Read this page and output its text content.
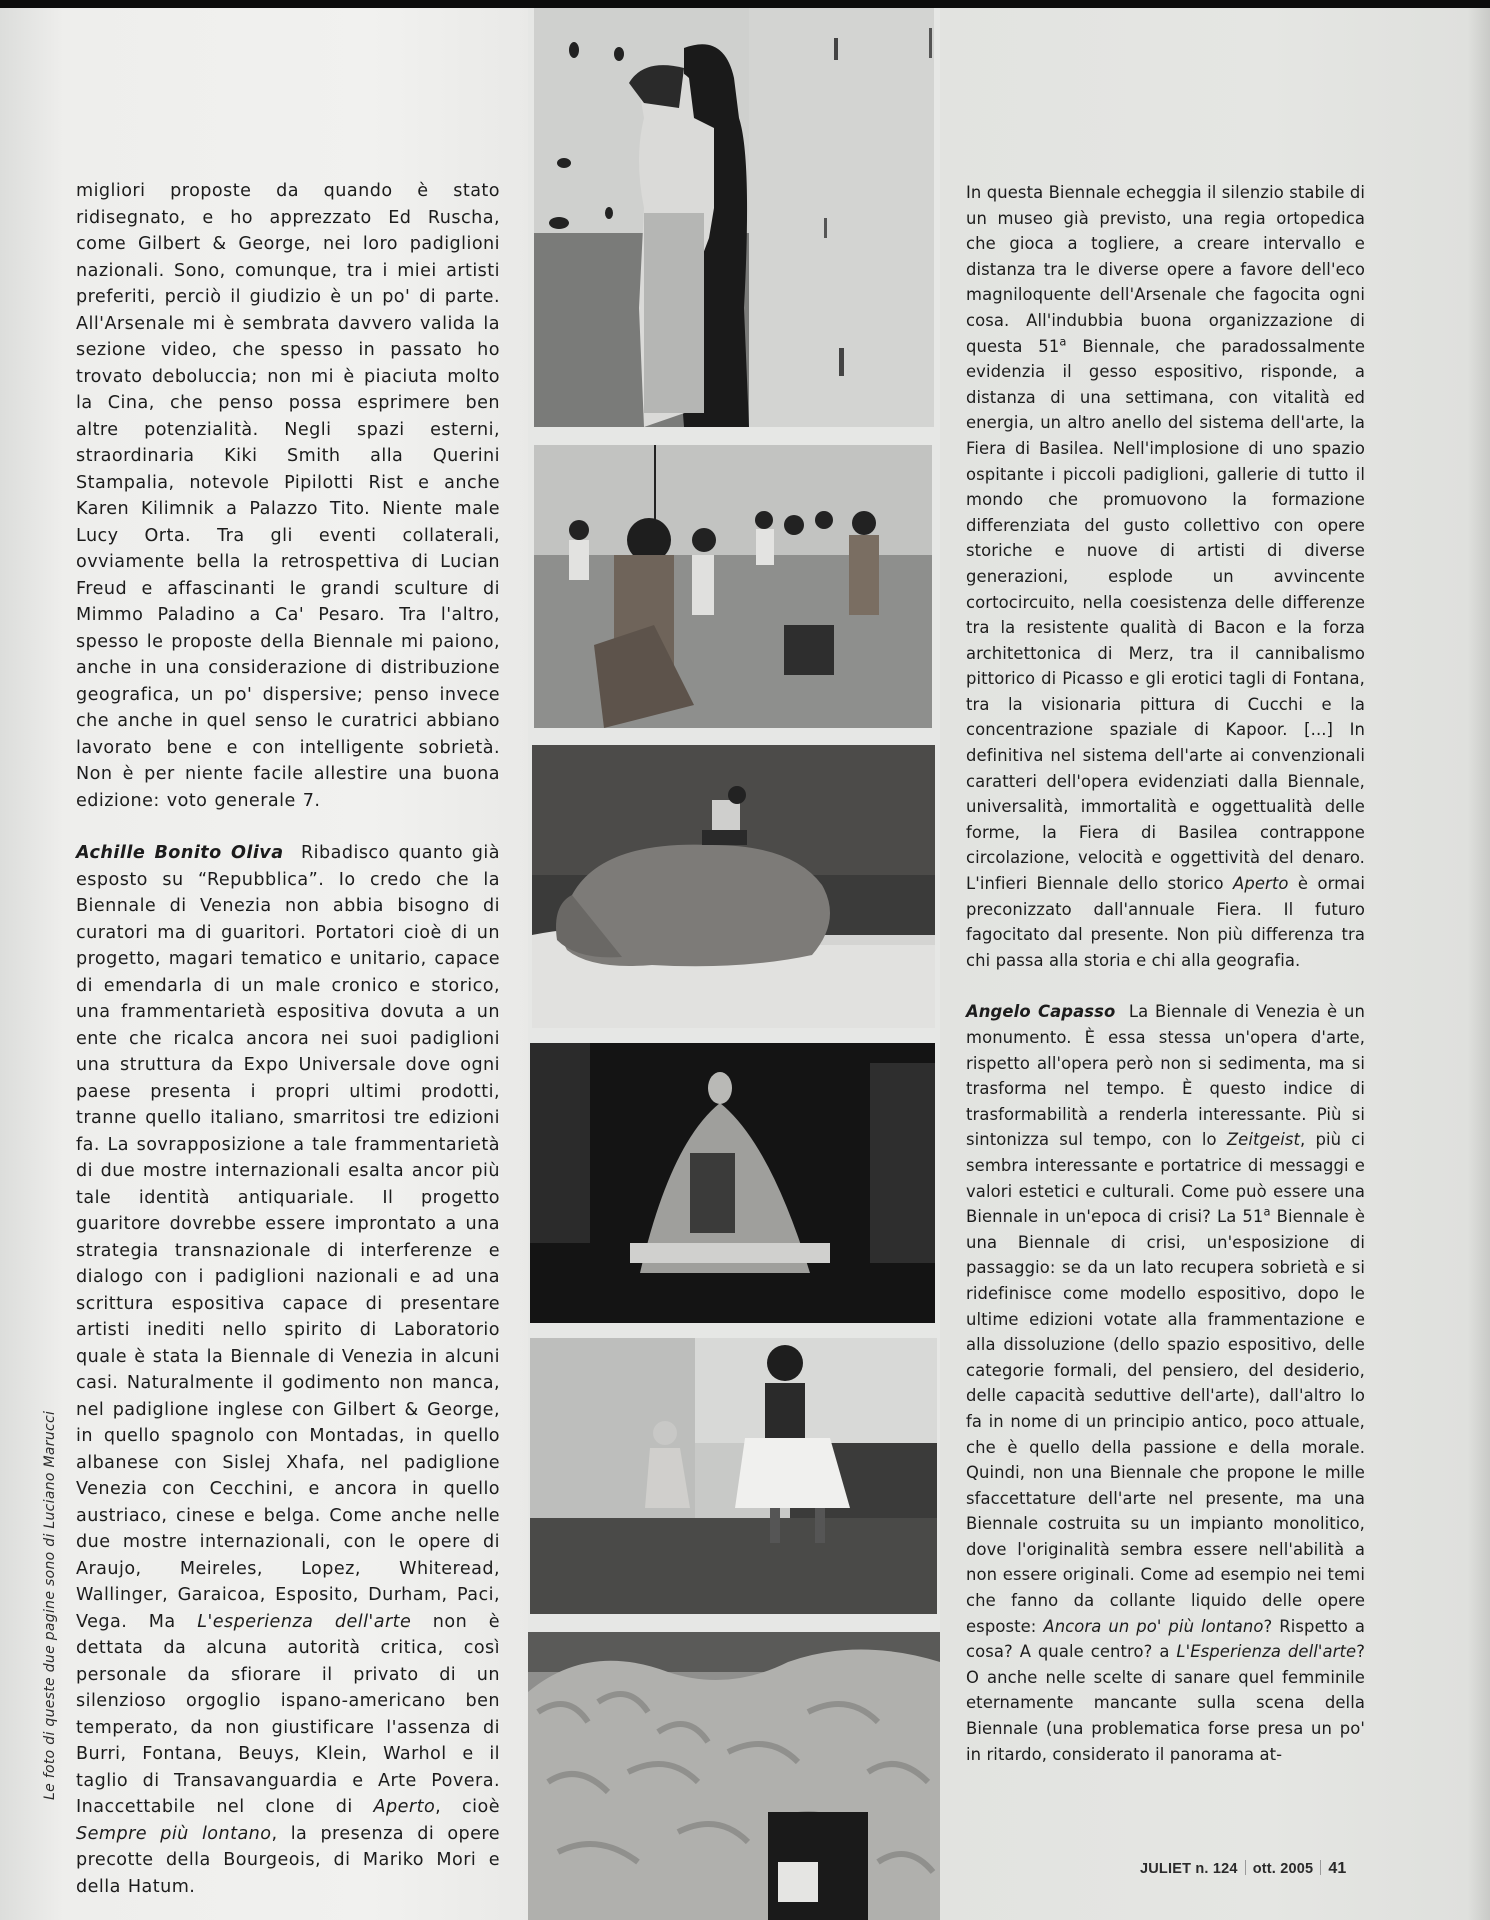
migliori proposte da quando è stato ridisegnato, e ho apprezzato Ed Ruscha, come Gilbert & George, nei loro padiglioni nazionali. Sono, comunque, tra i miei artisti preferiti, perciò il giudizio è un po' di parte. All'Arsenale mi è sembrata davvero valida la sezione video, che spesso in passato ho trovato deboluccia; non mi è piaciuta molto la Cina, che penso possa esprimere ben altre potenzialità. Negli spazi esterni, straordinaria Kiki Smith alla Querini Stampalia, notevole Pipilotti Rist e anche Karen Kilimnik a Palazzo Tito. Niente male Lucy Orta. Tra gli eventi collaterali, ovviamente bella la retrospettiva di Lucian Freud e affascinanti le grandi sculture di Mimmo Paladino a Ca' Pesaro. Tra l'altro, spesso le proposte della Biennale mi paiono, anche in una considerazione di distribuzione geografica, un po' dispersive; penso invece che anche in quel senso le curatrici abbiano lavorato bene e con intelligente sobrietà. Non è per niente facile allestire una buona edizione: voto generale 7.

Achille Bonito Oliva Ribadisco quanto già esposto su “Repubblica”. Io credo che la Biennale di Venezia non abbia bisogno di curatori ma di guaritori. Portatori cioè di un progetto, magari tematico e unitario, capace di emendarla di un male cronico e storico, una frammentarietà espositiva dovuta a un ente che ricalca ancora nei suoi padiglioni una struttura da Expo Universale dove ogni paese presenta i propri ultimi prodotti, tranne quello italiano, smarritosi tre edizioni fa. La sovrapposizione a tale frammentarietà di due mostre internazionali esalta ancor più tale identità antiquariale. Il progetto guaritore dovrebbe essere improntato a una strategia transnazionale di interferenze e dialogo con i padiglioni nazionali e ad una scrittura espositiva capace di presentare artisti inediti nello spirito di Laboratorio quale è stata la Biennale di Venezia in alcuni casi. Naturalmente il godimento non manca, nel padiglione inglese con Gilbert & George, in quello spagnolo con Montadas, in quello albanese con Sislej Xhafa, nel padiglione Venezia con Cecchini, e ancora in quello austriaco, cinese e belga. Come anche nelle due mostre internazionali, con le opere di Araujo, Meireles, Lopez, Whiteread, Wallinger, Garaicoa, Esposito, Durham, Paci, Vega. Ma L'esperienza dell'arte non è dettata da alcuna autorità critica, così personale da sfiorare il privato di un silenzioso orgoglio ispano-americano ben temperato, da non giustificare l'assenza di Burri, Fontana, Beuys, Klein, Warhol e il taglio di Transavanguardia e Arte Povera. Inaccettabile nel clone di Aperto, cioè Sempre più lontano, la presenza di opere precotte della Bourgeois, di Mariko Mori e della Hatum.

In questa Biennale echeggia il silenzio stabile di un museo già previsto, una regia ortopedica che gioca a togliere, a creare intervallo e distanza tra le diverse opere a favore dell'eco magniloquente dell'Arsenale che fagocita ogni cosa. All'indubbia buona organizzazione di questa 51$^a$ Biennale, che paradossalmente evidenzia il gesso espositivo, risponde, a distanza di una settimana, con vitalità ed energia, un altro anello del sistema dell'arte, la Fiera di Basilea. Nell'implosione di uno spazio ospitante i piccoli padiglioni, gallerie di tutto il mondo che promuovono la formazione differenziata del gusto collettivo con opere storiche e nuove di artisti di diverse generazioni, esplode un avvincente cortocircuito, nella coesistenza delle differenze tra la resistente qualità di Bacon e la forza architettonica di Merz, tra il cannibalismo pittorico di Picasso e gli erotici tagli di Fontana, tra la visionaria pittura di Cucchi e la concentrazione spaziale di Kapoor. [...] In definitiva nel sistema dell'arte ai convenzionali caratteri dell'opera evidenziati dalla Biennale, universalità, immortalità e oggettualità delle forme, la Fiera di Basilea contrappone circolazione, velocità e oggettività del denaro. L'infieri Biennale dello storico Aperto è ormai preconizzato dall'annuale Fiera. Il futuro fagocitato dal presente. Non più differenza tra chi passa alla storia e chi alla geografia.

Angelo Capasso La Biennale di Venezia è un monumento. È essa stessa un'opera d'arte, rispetto all'opera però non si sedimenta, ma si trasforma nel tempo. È questo indice di trasformabilità a renderla interessante. Più si sintonizza sul tempo, con lo Zeitgeist, più ci sembra interessante e portatrice di messaggi e valori estetici e culturali. Come può essere una Biennale in un'epoca di crisi? La 51$^a$ Biennale è una Biennale di crisi, un'esposizione di passaggio: se da un lato recupera sobrietà e si ridefinisce come modello espositivo, dopo le ultime edizioni votate alla frammentazione e alla dissoluzione (dello spazio espositivo, delle categorie formali, del pensiero, del desiderio, delle capacità seduttive dell'arte), dall'altro lo fa in nome di un principio antico, poco attuale, che è quello della passione e della morale. Quindi, non una Biennale che propone le mille sfaccettature dell'arte nel presente, ma una Biennale costruita su un impianto monolitico, dove l'originalità sembra essere nell'abilità a non essere originali. Come ad esempio nei temi che fanno da collante liquido delle opere esposte: Ancora un po' più lontano? Rispetto a cosa? A quale centro? a L'Esperienza dell'arte? O anche nelle scelte di sanare quel femminile eternamente mancante sulla scena della Biennale (una problematica forse presa un po' in ritardo, considerato il panorama at-

Le foto di queste due pagine sono di Luciano Marucci
JULIET n. 124 ott. 2005 41
